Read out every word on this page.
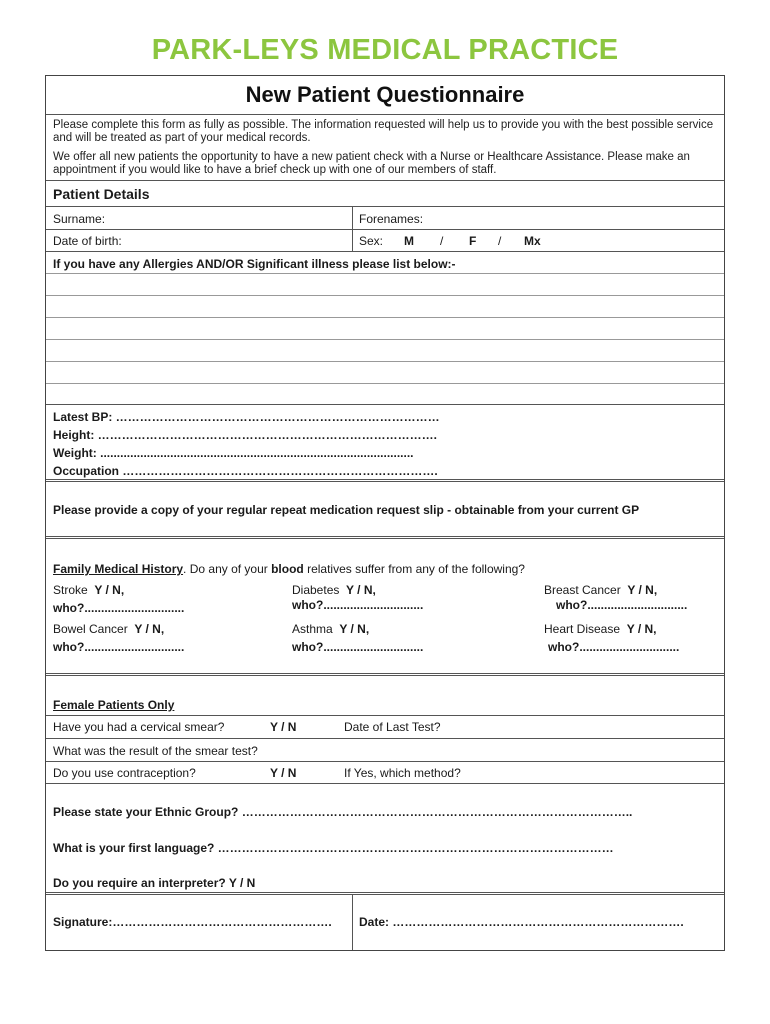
PARK-LEYS MEDICAL PRACTICE
New Patient Questionnaire
Please complete this form as fully as possible. The information requested will help us to provide you with the best possible service and will be treated as part of your medical records.
We offer all new patients the opportunity to have a new patient check with a Nurse or Healthcare Assistance. Please make an appointment if you would like to have a brief check up with one of our members of staff.
Patient Details
Surname:	Forenames:
Date of birth:	Sex: M / F / Mx
If you have any Allergies AND/OR Significant illness please list below:-
Latest BP: ………………………………………………………………………
Height: ………………………………………………………………………….
Weight: ..............................................................................................
Occupation …………………………………………………………………….
Please provide a copy of your regular repeat medication request slip - obtainable from your current GP
Family Medical History. Do any of your blood relatives suffer from any of the following?
Stroke Y / N,
who?..............................
Diabetes Y / N,
who?..............................
Breast Cancer Y / N,
who?..............................
Bowel Cancer Y / N,
who?..............................
Asthma Y / N,
who?..............................
Heart Disease Y / N,
who?..............................
Female Patients Only
Have you had a cervical smear?	Y / N	Date of Last Test?
What was the result of the smear test?
Do you use contraception?	Y / N	If Yes, which method?
Please state your Ethnic Group? ……………………………………………………………………………………..
What is your first language? ………………………………………………………………………………………
Do you require an interpreter? Y / N
Signature:………………………………………………. Date: ……………………………………………………………….
